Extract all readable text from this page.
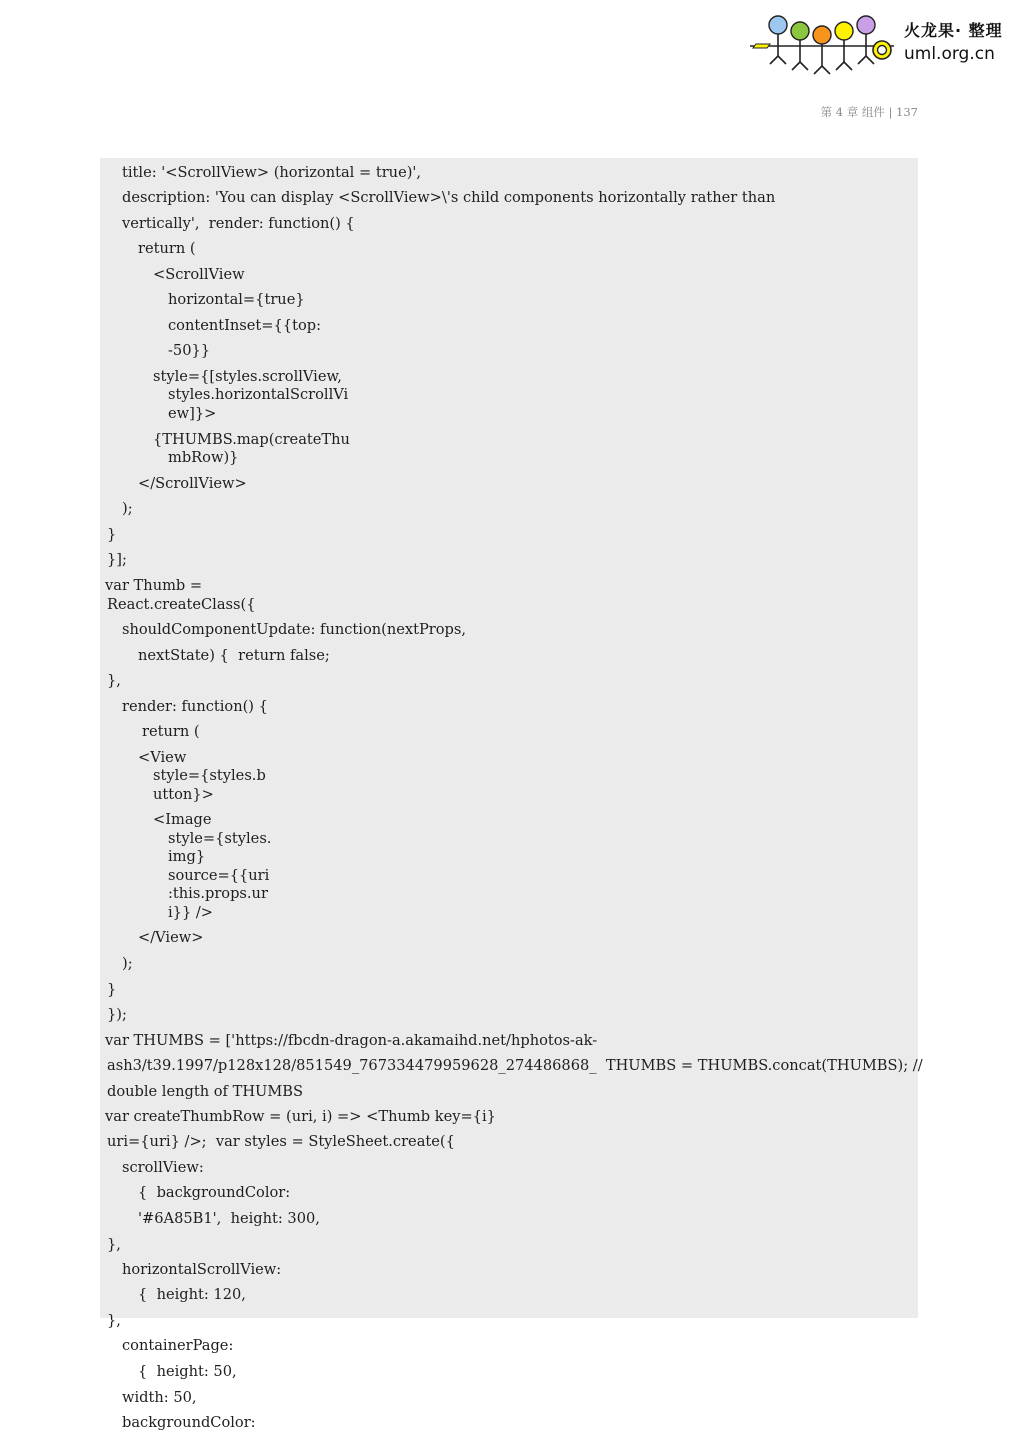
火龙果· 整理
uml.org.cn
第 4 章 组件 | 137
title: '<ScrollView> (horizontal = true)',
description: 'You can display <ScrollView>\'s child components horizontally rather than
vertically',  render: function() {
return (
<ScrollView
horizontal={true}
contentInset={{top:
-50}}
style={[styles.scrollView,
styles.horizontalScrollVi
ew]}>
{THUMBS.map(createThu
mbRow)}
</ScrollView>
);
}
}];
var Thumb =
React.createClass({
shouldComponentUpdate: function(nextProps,
nextState) {  return false;
},
render: function() {
return (
<View
style={styles.b
utton}>
<Image
style={styles.
img}
source={{uri
:this.props.ur
i}} />
</View>
);
}
});
var THUMBS = ['https://fbcdn-dragon-a.akamaihd.net/hphotos-ak-
ash3/t39.1997/p128x128/851549_767334479959628_274486868_  THUMBS = THUMBS.concat(THUMBS); //
double length of THUMBS
var createThumbRow = (uri, i) => <Thumb key={i}
uri={uri} />;  var styles = StyleSheet.create({
scrollView:
{  backgroundColor:
'#6A85B1',  height: 300,
},
horizontalScrollView:
{  height: 120,
},
containerPage:
{  height: 50,
width: 50,
backgroundColor:
